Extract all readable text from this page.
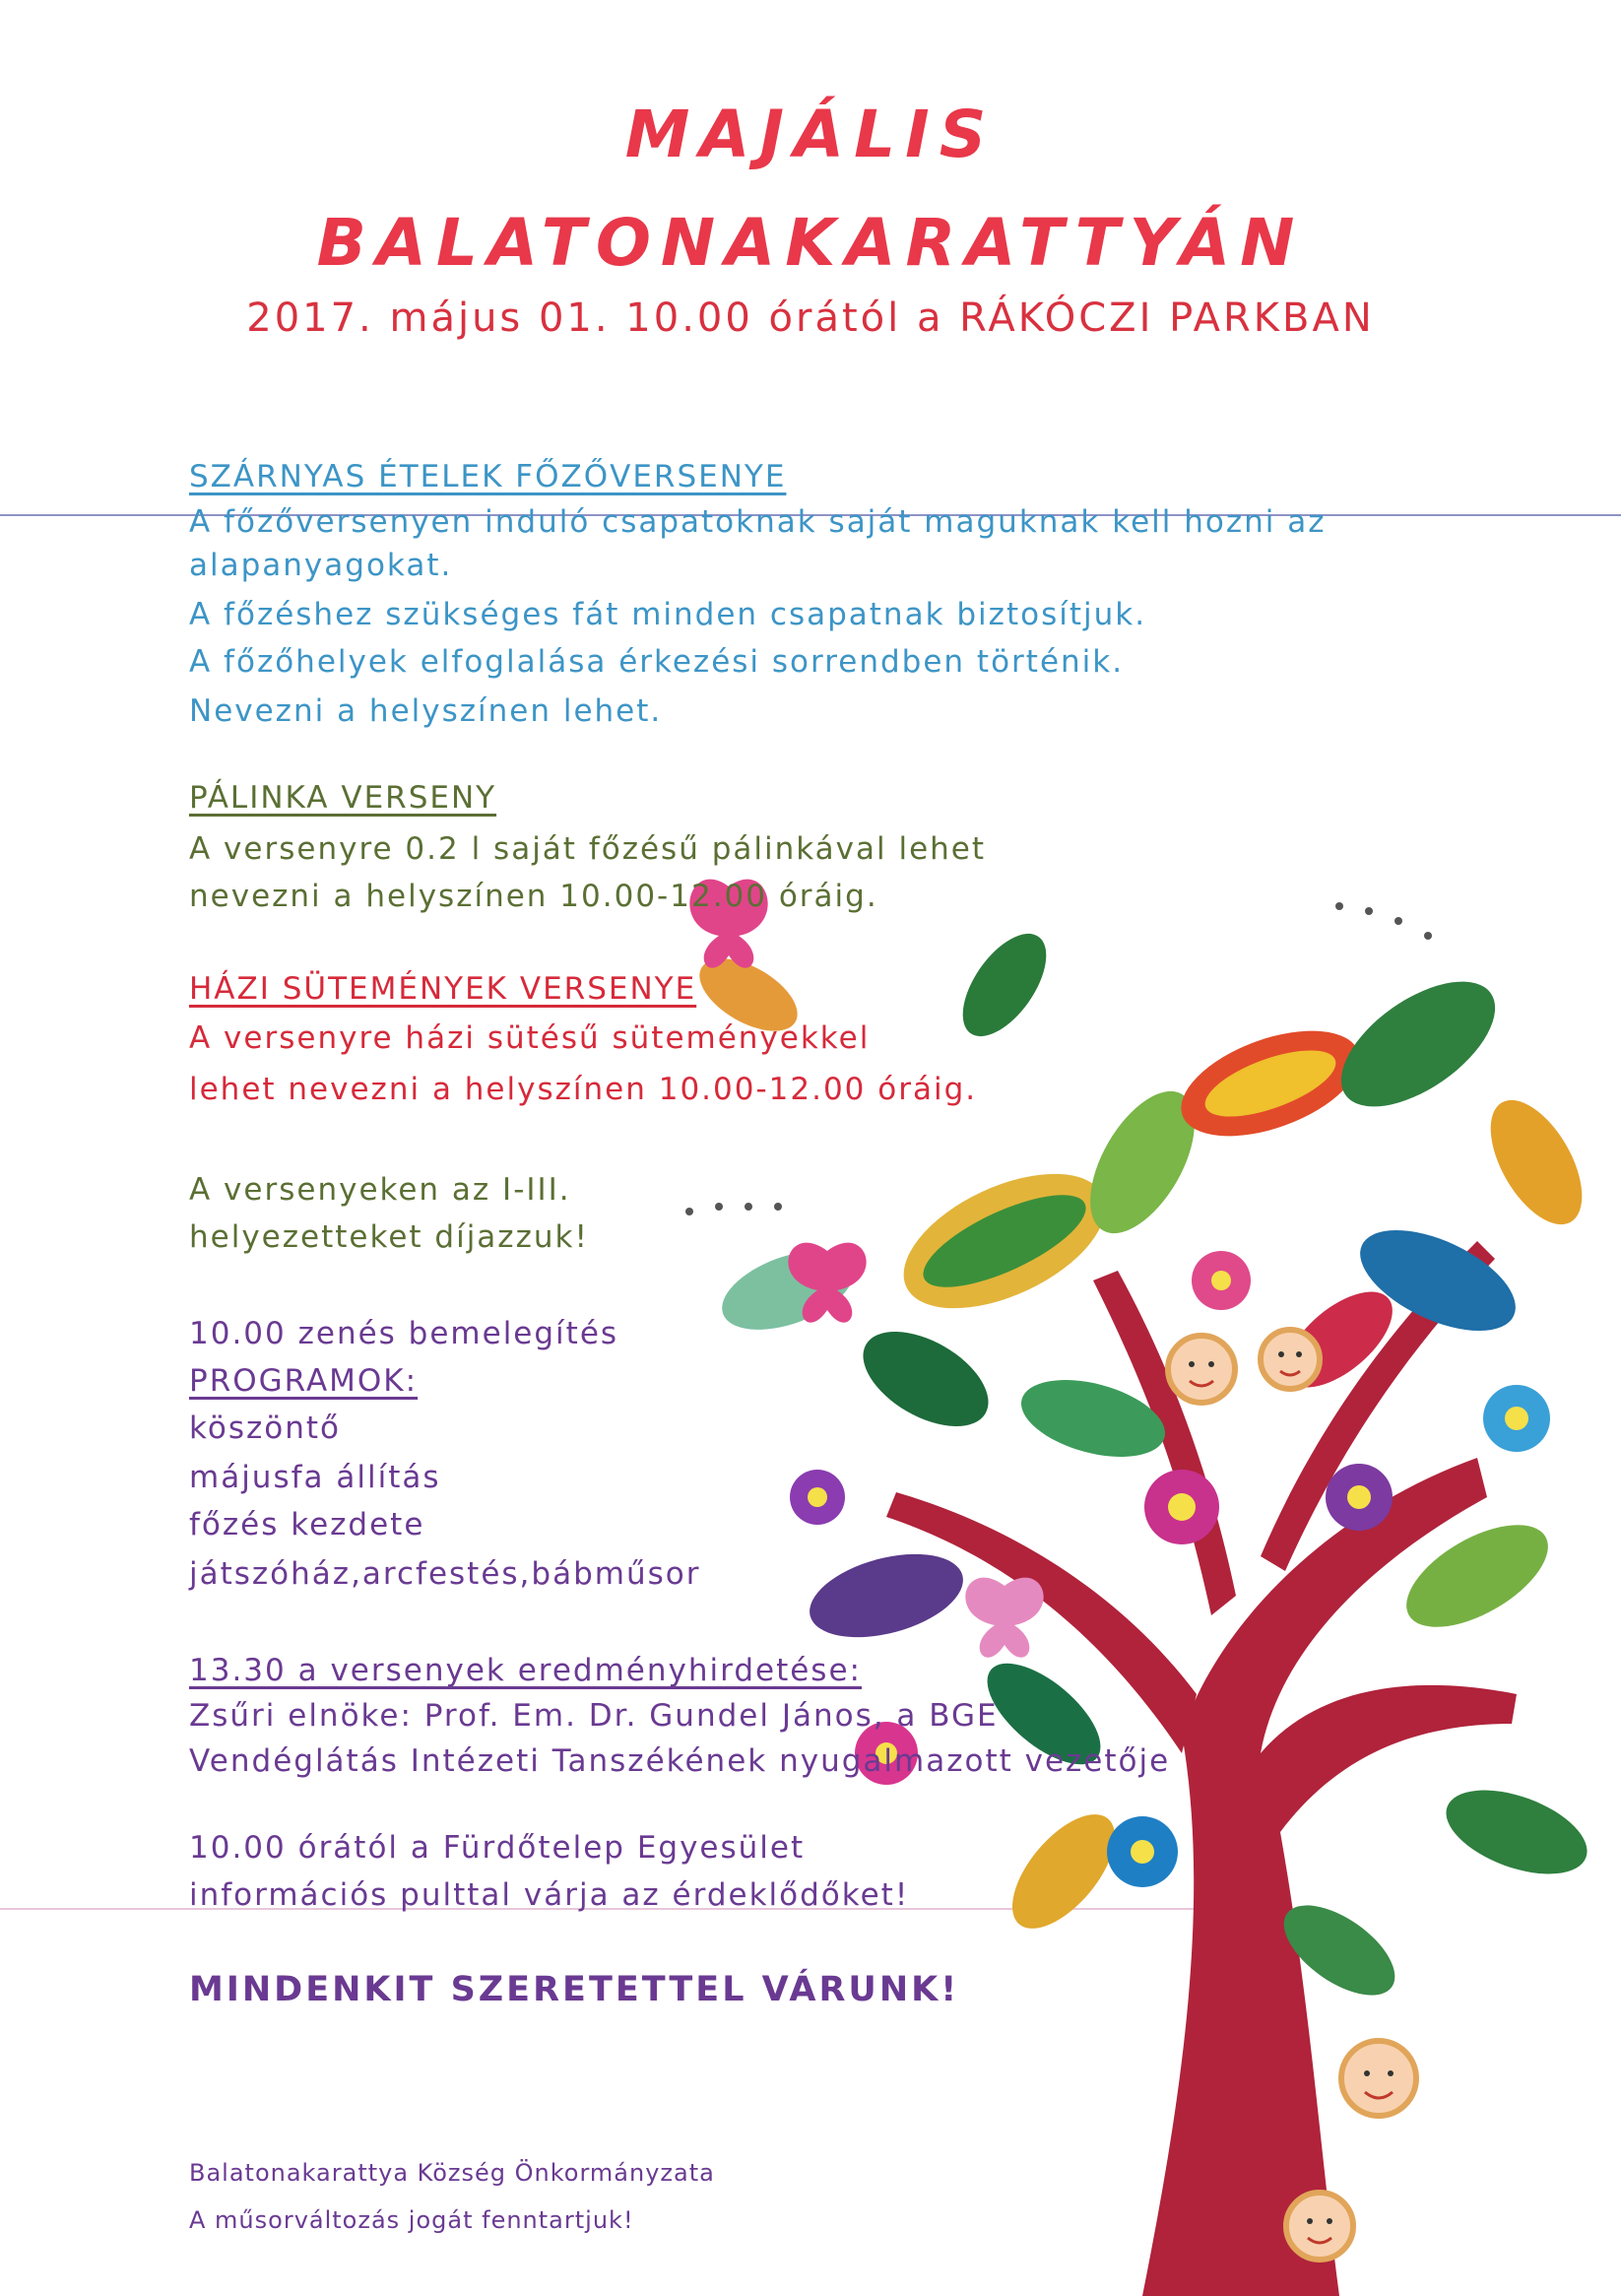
MAJÁLIS
BALATONAKARATTYÁN
2017. május 01. 10.00 órától a RÁKÓCZI PARKBAN
SZÁRNYAS ÉTELEK FŐZŐVERSENYE
A főzőversenyen induló csapatoknak saját maguknak kell hozni az
alapanyagokat.
A főzéshez szükséges fát minden csapatnak biztosítjuk.
A főzőhelyek elfoglalása érkezési sorrendben történik.
Nevezni a helyszínen lehet.
PÁLINKA VERSENY
A versenyre 0.2 l saját főzésű pálinkával lehet
nevezni a helyszínen 10.00-12.00 óráig.
HÁZI SÜTEMÉNYEK VERSENYE
A versenyre házi sütésű süteményekkel
lehet nevezni a helyszínen 10.00-12.00 óráig.
A versenyeken az I-III.
helyezetteket díjazzuk!
10.00 zenés bemelegítés
PROGRAMOK:
köszöntő
májusfa állítás
főzés kezdete
játszóház,arcfestés,bábműsor
13.30 a versenyek eredményhirdetése:
Zsűri elnöke: Prof. Em. Dr. Gundel János, a BGE
Vendéglátás Intézeti Tanszékének nyugalmazott vezetője
10.00 órától a Fürdőtelep Egyesület
információs pulttal várja az érdeklődőket!
MINDENKIT SZERETETTEL VÁRUNK!
Balatonakarattya Község Önkormányzata
A műsorváltozás jogát fenntartjuk!
